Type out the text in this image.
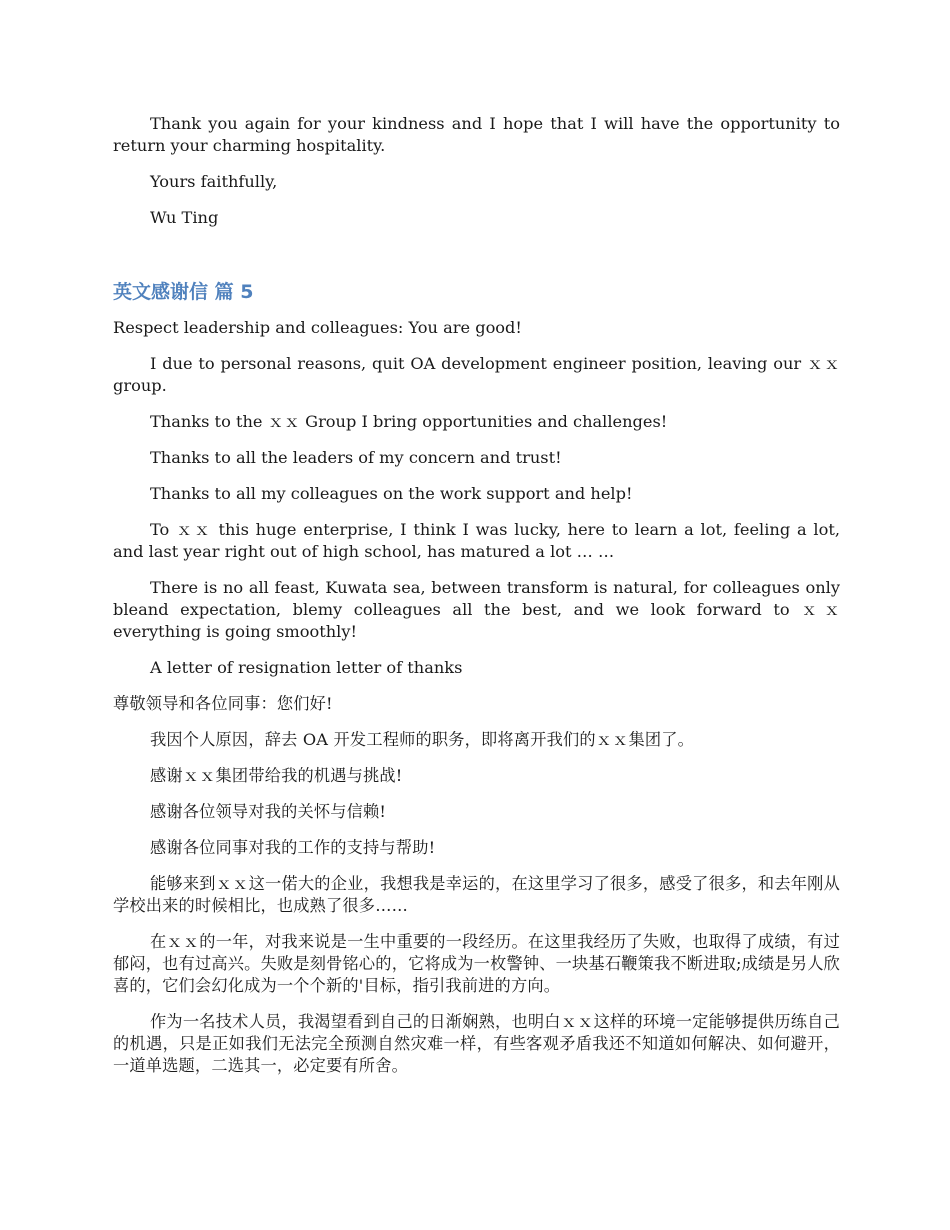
Thank you again for your kindness and I hope that I will have the opportunity to return your charming hospitality.

Yours faithfully,

Wu Ting

英文感谢信 篇 5

Respect leadership and colleagues: You are good!

I due to personal reasons, quit OA development engineer position, leaving our ｘｘ group.

Thanks to the ｘｘ Group I bring opportunities and challenges!

Thanks to all the leaders of my concern and trust!

Thanks to all my colleagues on the work support and help!

To ｘｘ this huge enterprise, I think I was lucky, here to learn a lot, feeling a lot, and last year right out of high school, has matured a lot … …

There is no all feast, Kuwata sea, between transform is natural, for colleagues only bleand expectation, blemy colleagues all the best, and we look forward to ｘｘ everything is going smoothly!

A letter of resignation letter of thanks

尊敬领导和各位同事：您们好!

我因个人原因，辞去 OA 开发工程师的职务，即将离开我们的ｘｘ集团了。

感谢ｘｘ集团带给我的机遇与挑战!

感谢各位领导对我的关怀与信赖!

感谢各位同事对我的工作的支持与帮助!

能够来到ｘｘ这一偌大的企业，我想我是幸运的，在这里学习了很多，感受了很多，和去年刚从学校出来的时候相比，也成熟了很多……

在ｘｘ的一年，对我来说是一生中重要的一段经历。在这里我经历了失败，也取得了成绩，有过郁闷，也有过高兴。失败是刻骨铭心的，它将成为一枚警钟、一块基石鞭策我不断进取;成绩是另人欣喜的，它们会幻化成为一个个新的'目标，指引我前进的方向。

作为一名技术人员，我渴望看到自己的日渐娴熟，也明白ｘｘ这样的环境一定能够提供历练自己的机遇，只是正如我们无法完全预测自然灾难一样，有些客观矛盾我还不知道如何解决、如何避开，一道单选题，二选其一，必定要有所舍。
